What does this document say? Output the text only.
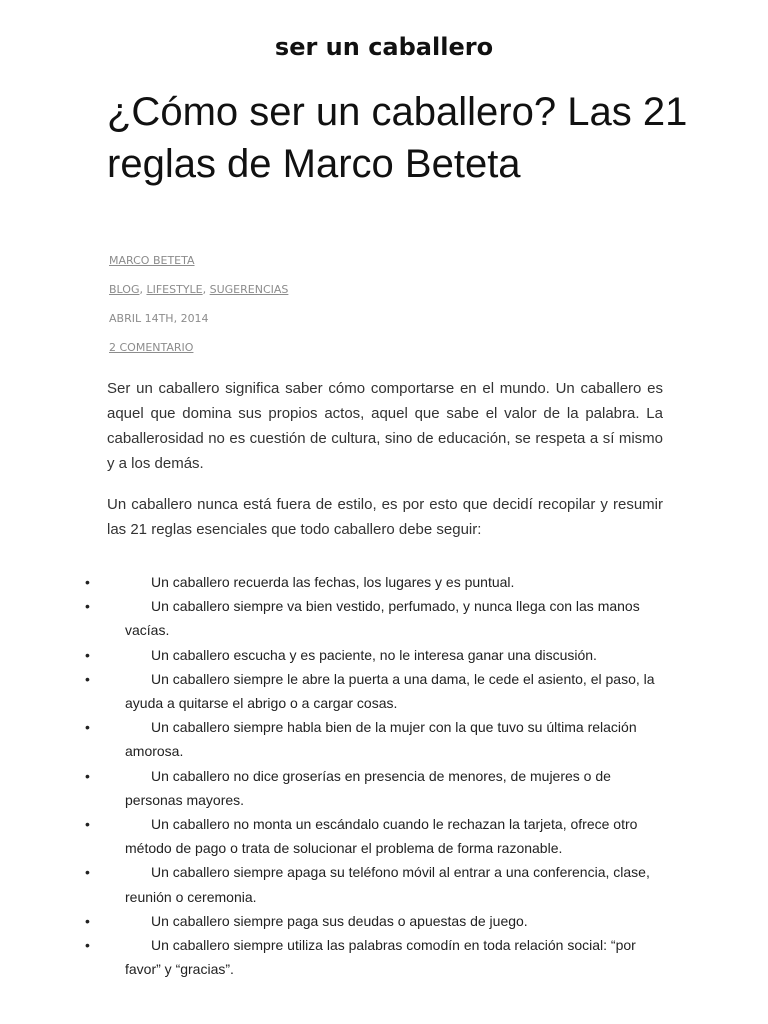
ser un caballero
¿Cómo ser un caballero? Las 21 reglas de Marco Beteta
MARCO BETETA
BLOG, LIFESTYLE, SUGERENCIAS
ABRIL 14TH, 2014
2 COMENTARIO

Ser un caballero significa saber cómo comportarse en el mundo. Un caballero es aquel que domina sus propios actos, aquel que sabe el valor de la palabra. La caballerosidad no es cuestión de cultura, sino de educación, se respeta a sí mismo y a los demás.

Un caballero nunca está fuera de estilo, es por esto que decidí recopilar y resumir las 21 reglas esenciales que todo caballero debe seguir:

•	Un caballero recuerda las fechas, los lugares y es puntual.
•	Un caballero siempre va bien vestido, perfumado, y nunca llega con las manos vacías.
•	Un caballero escucha y es paciente, no le interesa ganar una discusión.
•	Un caballero siempre le abre la puerta a una dama, le cede el asiento, el paso, la ayuda a quitarse el abrigo o a cargar cosas.
•	Un caballero siempre habla bien de la mujer con la que tuvo su última relación amorosa.
•	Un caballero no dice groserías en presencia de menores, de mujeres o de personas mayores.
•	Un caballero no monta un escándalo cuando le rechazan la tarjeta, ofrece otro método de pago o trata de solucionar el problema de forma razonable.
•	Un caballero siempre apaga su teléfono móvil al entrar a una conferencia, clase, reunión o ceremonia.
•	Un caballero siempre paga sus deudas o apuestas de juego.
•	Un caballero siempre utiliza las palabras comodín en toda relación social: “por favor” y “gracias”.
